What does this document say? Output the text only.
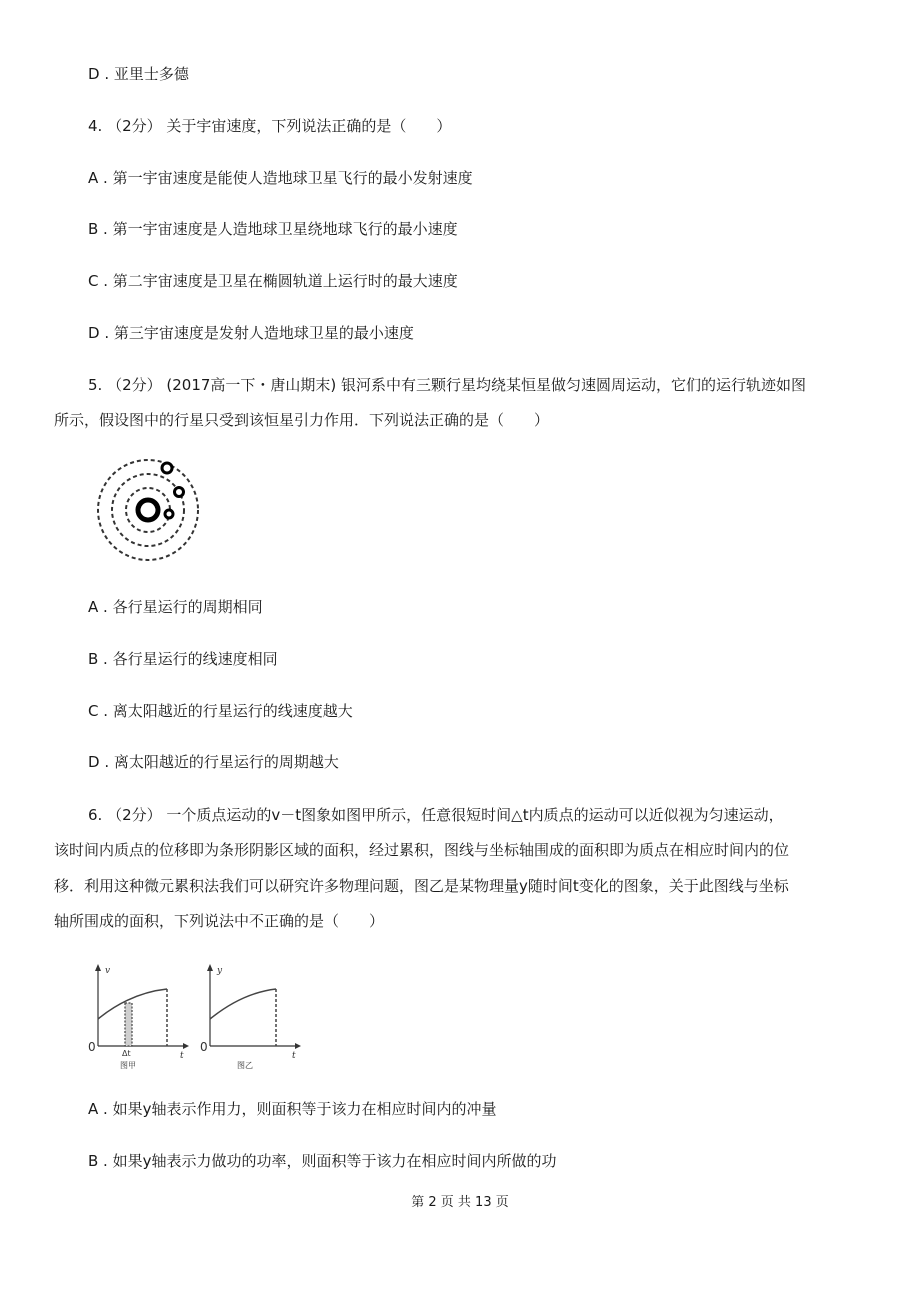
D . 亚里士多德
4. （2分） 关于宇宙速度，下列说法正确的是（　　）
A . 第一宇宙速度是能使人造地球卫星飞行的最小发射速度
B . 第一宇宙速度是人造地球卫星绕地球飞行的最小速度
C . 第二宇宙速度是卫星在椭圆轨道上运行时的最大速度
D . 第三宇宙速度是发射人造地球卫星的最小速度
5. （2分） (2017高一下・唐山期末) 银河系中有三颗行星均绕某恒星做匀速圆周运动，它们的运行轨迹如图
所示，假设图中的行星只受到该恒星引力作用．下列说法正确的是（　　）
A . 各行星运行的周期相同
B . 各行星运行的线速度相同
C . 离太阳越近的行星运行的线速度越大
D . 离太阳越近的行星运行的周期越大
6. （2分） 一个质点运动的v－t图象如图甲所示，任意很短时间△t内质点的运动可以近似视为匀速运动，
该时间内质点的位移即为条形阴影区域的面积，经过累积，图线与坐标轴围成的面积即为质点在相应时间内的位
移．利用这种微元累积法我们可以研究许多物理问题，图乙是某物理量y随时间t变化的图象，关于此图线与坐标
轴所围成的面积，下列说法中不正确的是（　　）
v
t
0	Δt
图甲
y
t
0
图乙
A . 如果y轴表示作用力，则面积等于该力在相应时间内的冲量
B . 如果y轴表示力做功的功率，则面积等于该力在相应时间内所做的功
第 2 页 共 13 页
